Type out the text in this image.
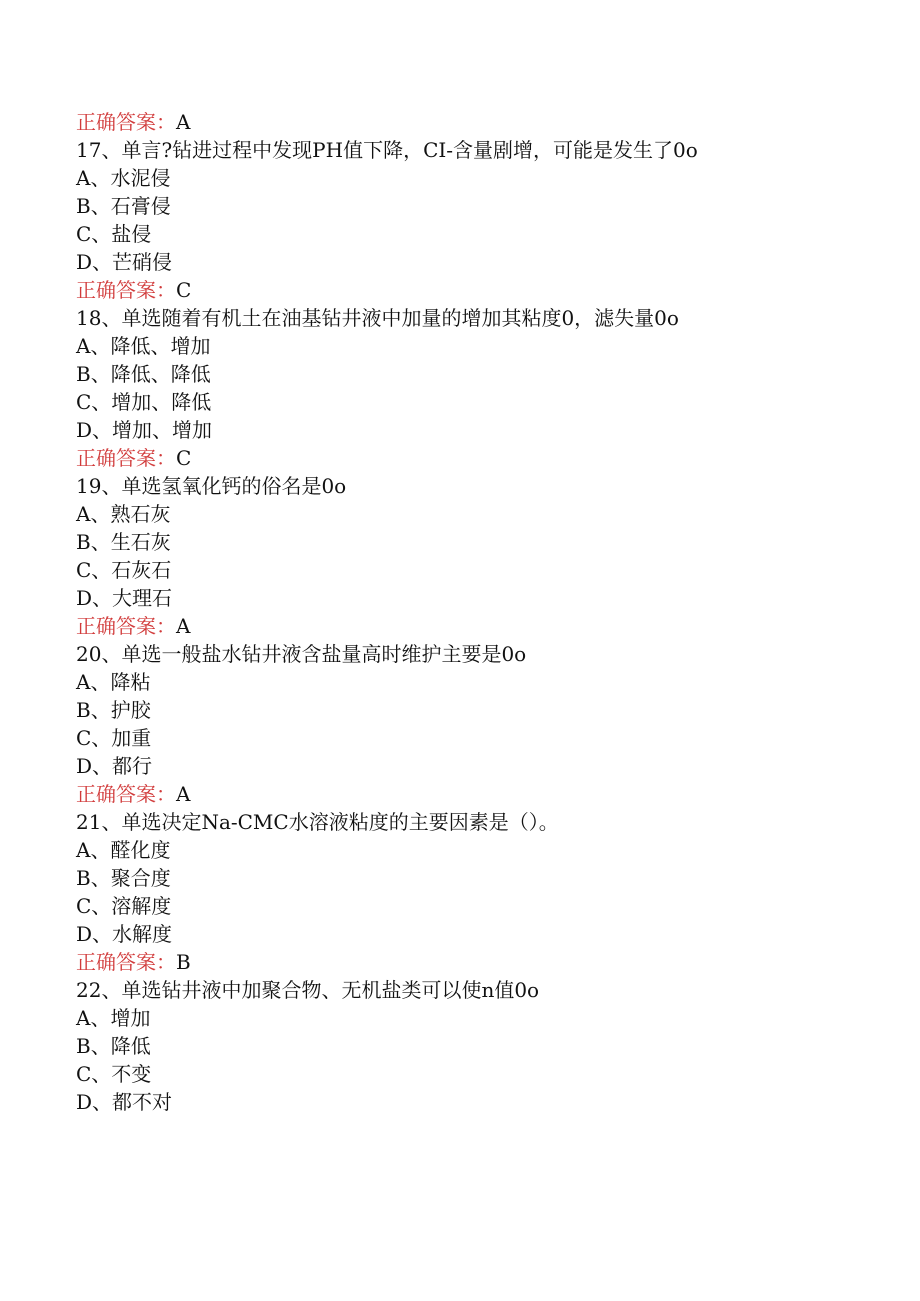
正确答案：A
17、单言?钻进过程中发现PH值下降，CI-含量剧增，可能是发生了0o
A、水泥侵
B、石膏侵
C、盐侵
D、芒硝侵
正确答案：C
18、单选随着有机土在油基钻井液中加量的增加其粘度0，滤失量0o
A、降低、增加
B、降低、降低
C、增加、降低
D、增加、增加
正确答案：C
19、单选氢氧化钙的俗名是0o
A、熟石灰
B、生石灰
C、石灰石
D、大理石
正确答案：A
20、单选一般盐水钻井液含盐量高时维护主要是0o
A、降粘
B、护胶
C、加重
D、都行
正确答案：A
21、单选决定Na-CMC水溶液粘度的主要因素是（）。
A、醛化度
B、聚合度
C、溶解度
D、水解度
正确答案：B
22、单选钻井液中加聚合物、无机盐类可以使n值0o
A、增加
B、降低
C、不变
D、都不对
